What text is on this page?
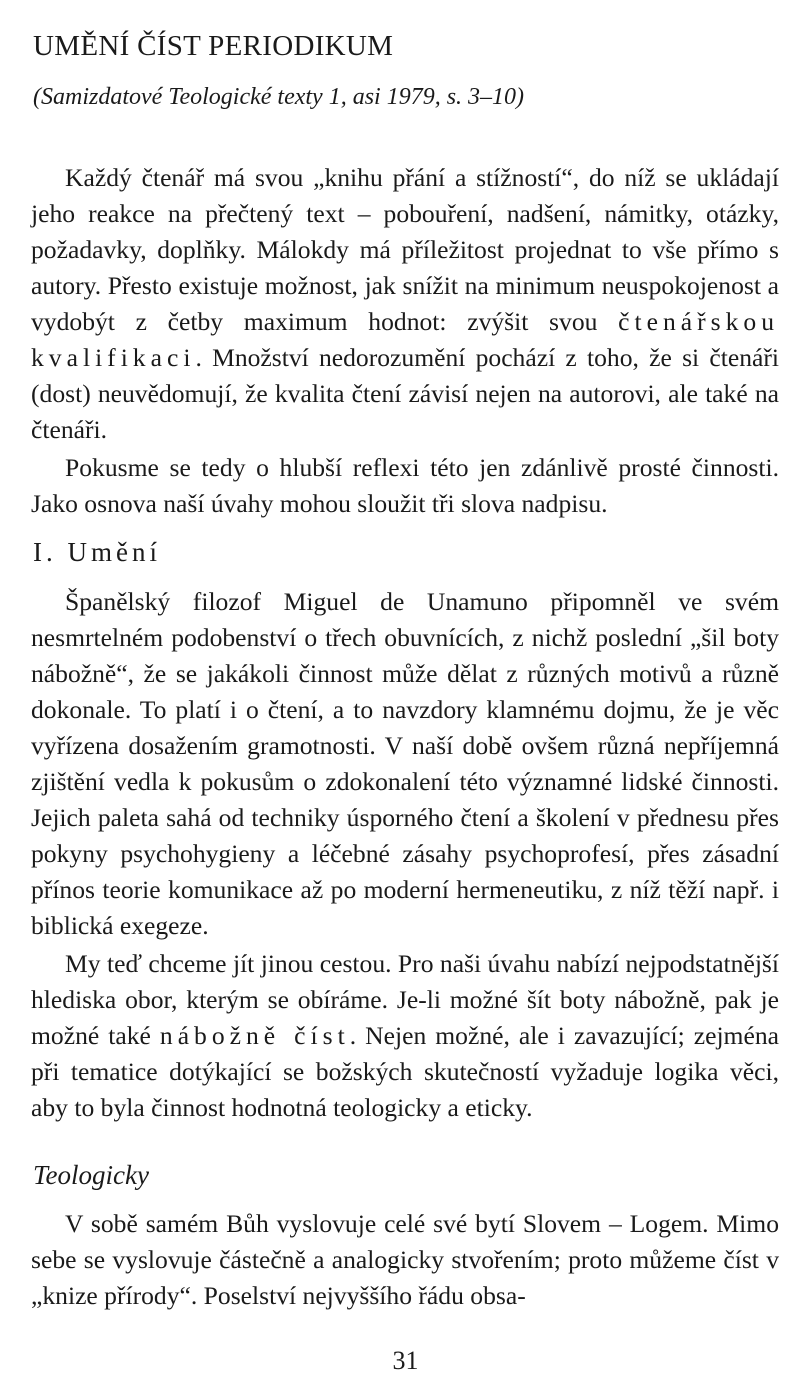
UMĚNÍ ČÍST PERIODIKUM
(Samizdatové Teologické texty 1, asi 1979, s. 3–10)

Každý čtenář má svou „knihu přání a stížností“, do níž se ukládají jeho reakce na přečtený text – pobouření, nadšení, námitky, otázky, požadavky, doplňky. Málokdy má příležitost projednat to vše přímo s autory. Přesto existuje možnost, jak snížit na minimum neuspokojenost a vydobýt z četby maximum hodnot: zvýšit svou čtenářskou kvalifikaci. Množství nedorozumění pochází z toho, že si čtenáři (dost) neuvědomují, že kvalita čtení závisí nejen na autorovi, ale také na čtenáři.

Pokusme se tedy o hlubší reflexi této jen zdánlivě prosté činnosti. Jako osnova naší úvahy mohou sloužit tři slova nadpisu.

I. Umění

Španělský filozof Miguel de Unamuno připomněl ve svém nesmrtelném podobenství o třech obuvnících, z nichž poslední „šil boty nábožně“, že se jakákoli činnost může dělat z různých motivů a různě dokonale. To platí i o čtení, a to navzdory klamnému dojmu, že je věc vyřízena dosažením gramotnosti. V naší době ovšem různá nepříjemná zjištění vedla k pokusům o zdokonalení této významné lidské činnosti. Jejich paleta sahá od techniky úsporného čtení a školení v přednesu přes pokyny psychohygieny a léčebné zásahy psychoprofesí, přes zásadní přínos teorie komunikace až po moderní hermeneutiku, z níž těží např. i biblická exegeze.

My teď chceme jít jinou cestou. Pro naši úvahu nabízí nejpodstatnější hlediska obor, kterým se obíráme. Je-li možné šít boty nábožně, pak je možné také nábožně číst. Nejen možné, ale i zavazující; zejména při tematice dotýkající se božských skutečností vyžaduje logika věci, aby to byla činnost hodnotná teologicky a eticky.

Teologicky

V sobě samém Bůh vyslovuje celé své bytí Slovem – Logem. Mimo sebe se vyslovuje částečně a analogicky stvořením; proto můžeme číst v „knize přírody“. Poselství nejvyššího řádu obsa-

31
